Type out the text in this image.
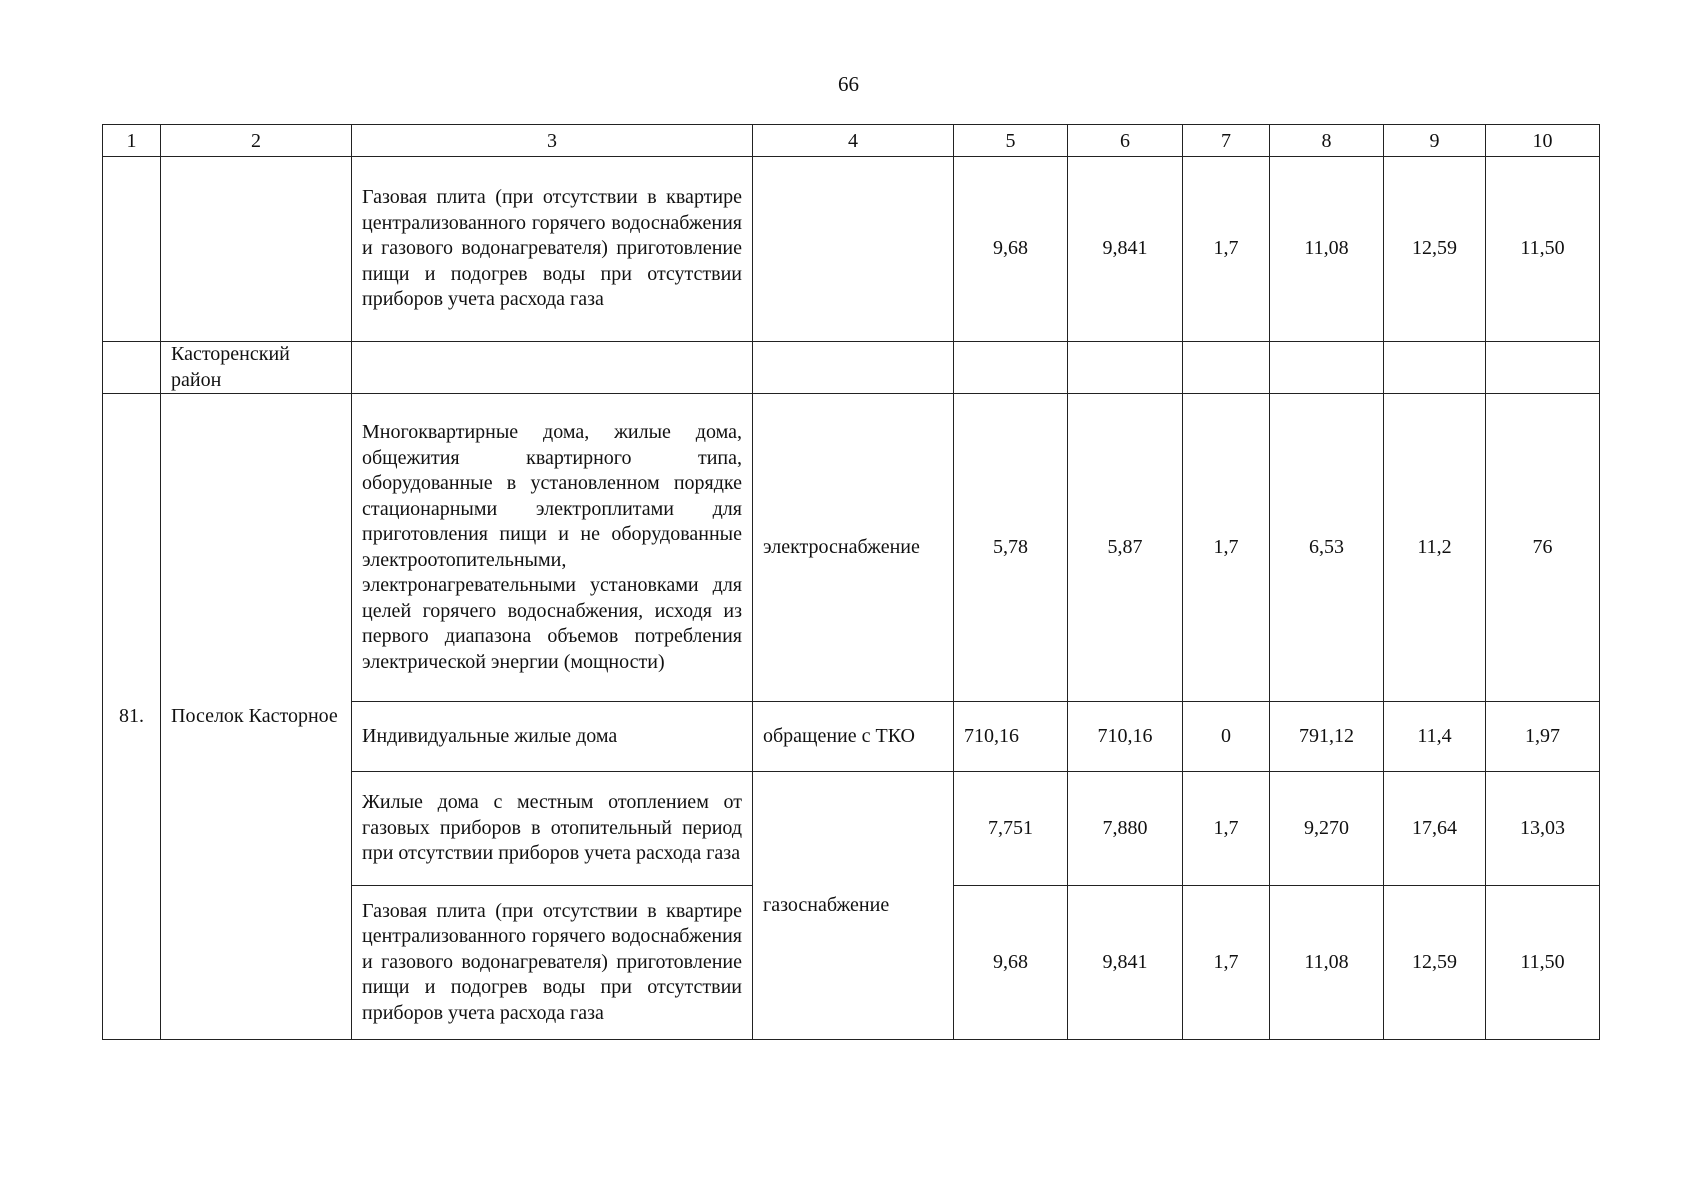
66
1	2	3	4	5	6	7	8	9	10
		Газовая плита (при отсутствии в квартире централизованного горячего водоснабжения и газового водонагревателя) приготовление пищи и подогрев воды при отсутствии приборов учета расхода газа		9,68	9,841	1,7	11,08	12,59	11,50
	Касторенский район								
81.	Поселок Касторное	Многоквартирные дома, жилые дома, общежития квартирного типа, оборудованные в установленном порядке стационарными электроплитами для приготовления пищи и не оборудованные электроотопительными, электронагревательными установками для целей горячего водоснабжения, исходя из первого диапазона объемов потребления электрической энергии (мощности)	электроснабжение	5,78	5,87	1,7	6,53	11,2	76
		Индивидуальные жилые дома	обращение с ТКО	710,16	710,16	0	791,12	11,4	1,97
		Жилые дома с местным отоплением от газовых приборов в отопительный период при отсутствии приборов учета расхода газа	газоснабжение	7,751	7,880	1,7	9,270	17,64	13,03
		Газовая плита (при отсутствии в квартире централизованного горячего водоснабжения и газового водонагревателя) приготовление пищи и подогрев воды при отсутствии приборов учета расхода газа		9,68	9,841	1,7	11,08	12,59	11,50
